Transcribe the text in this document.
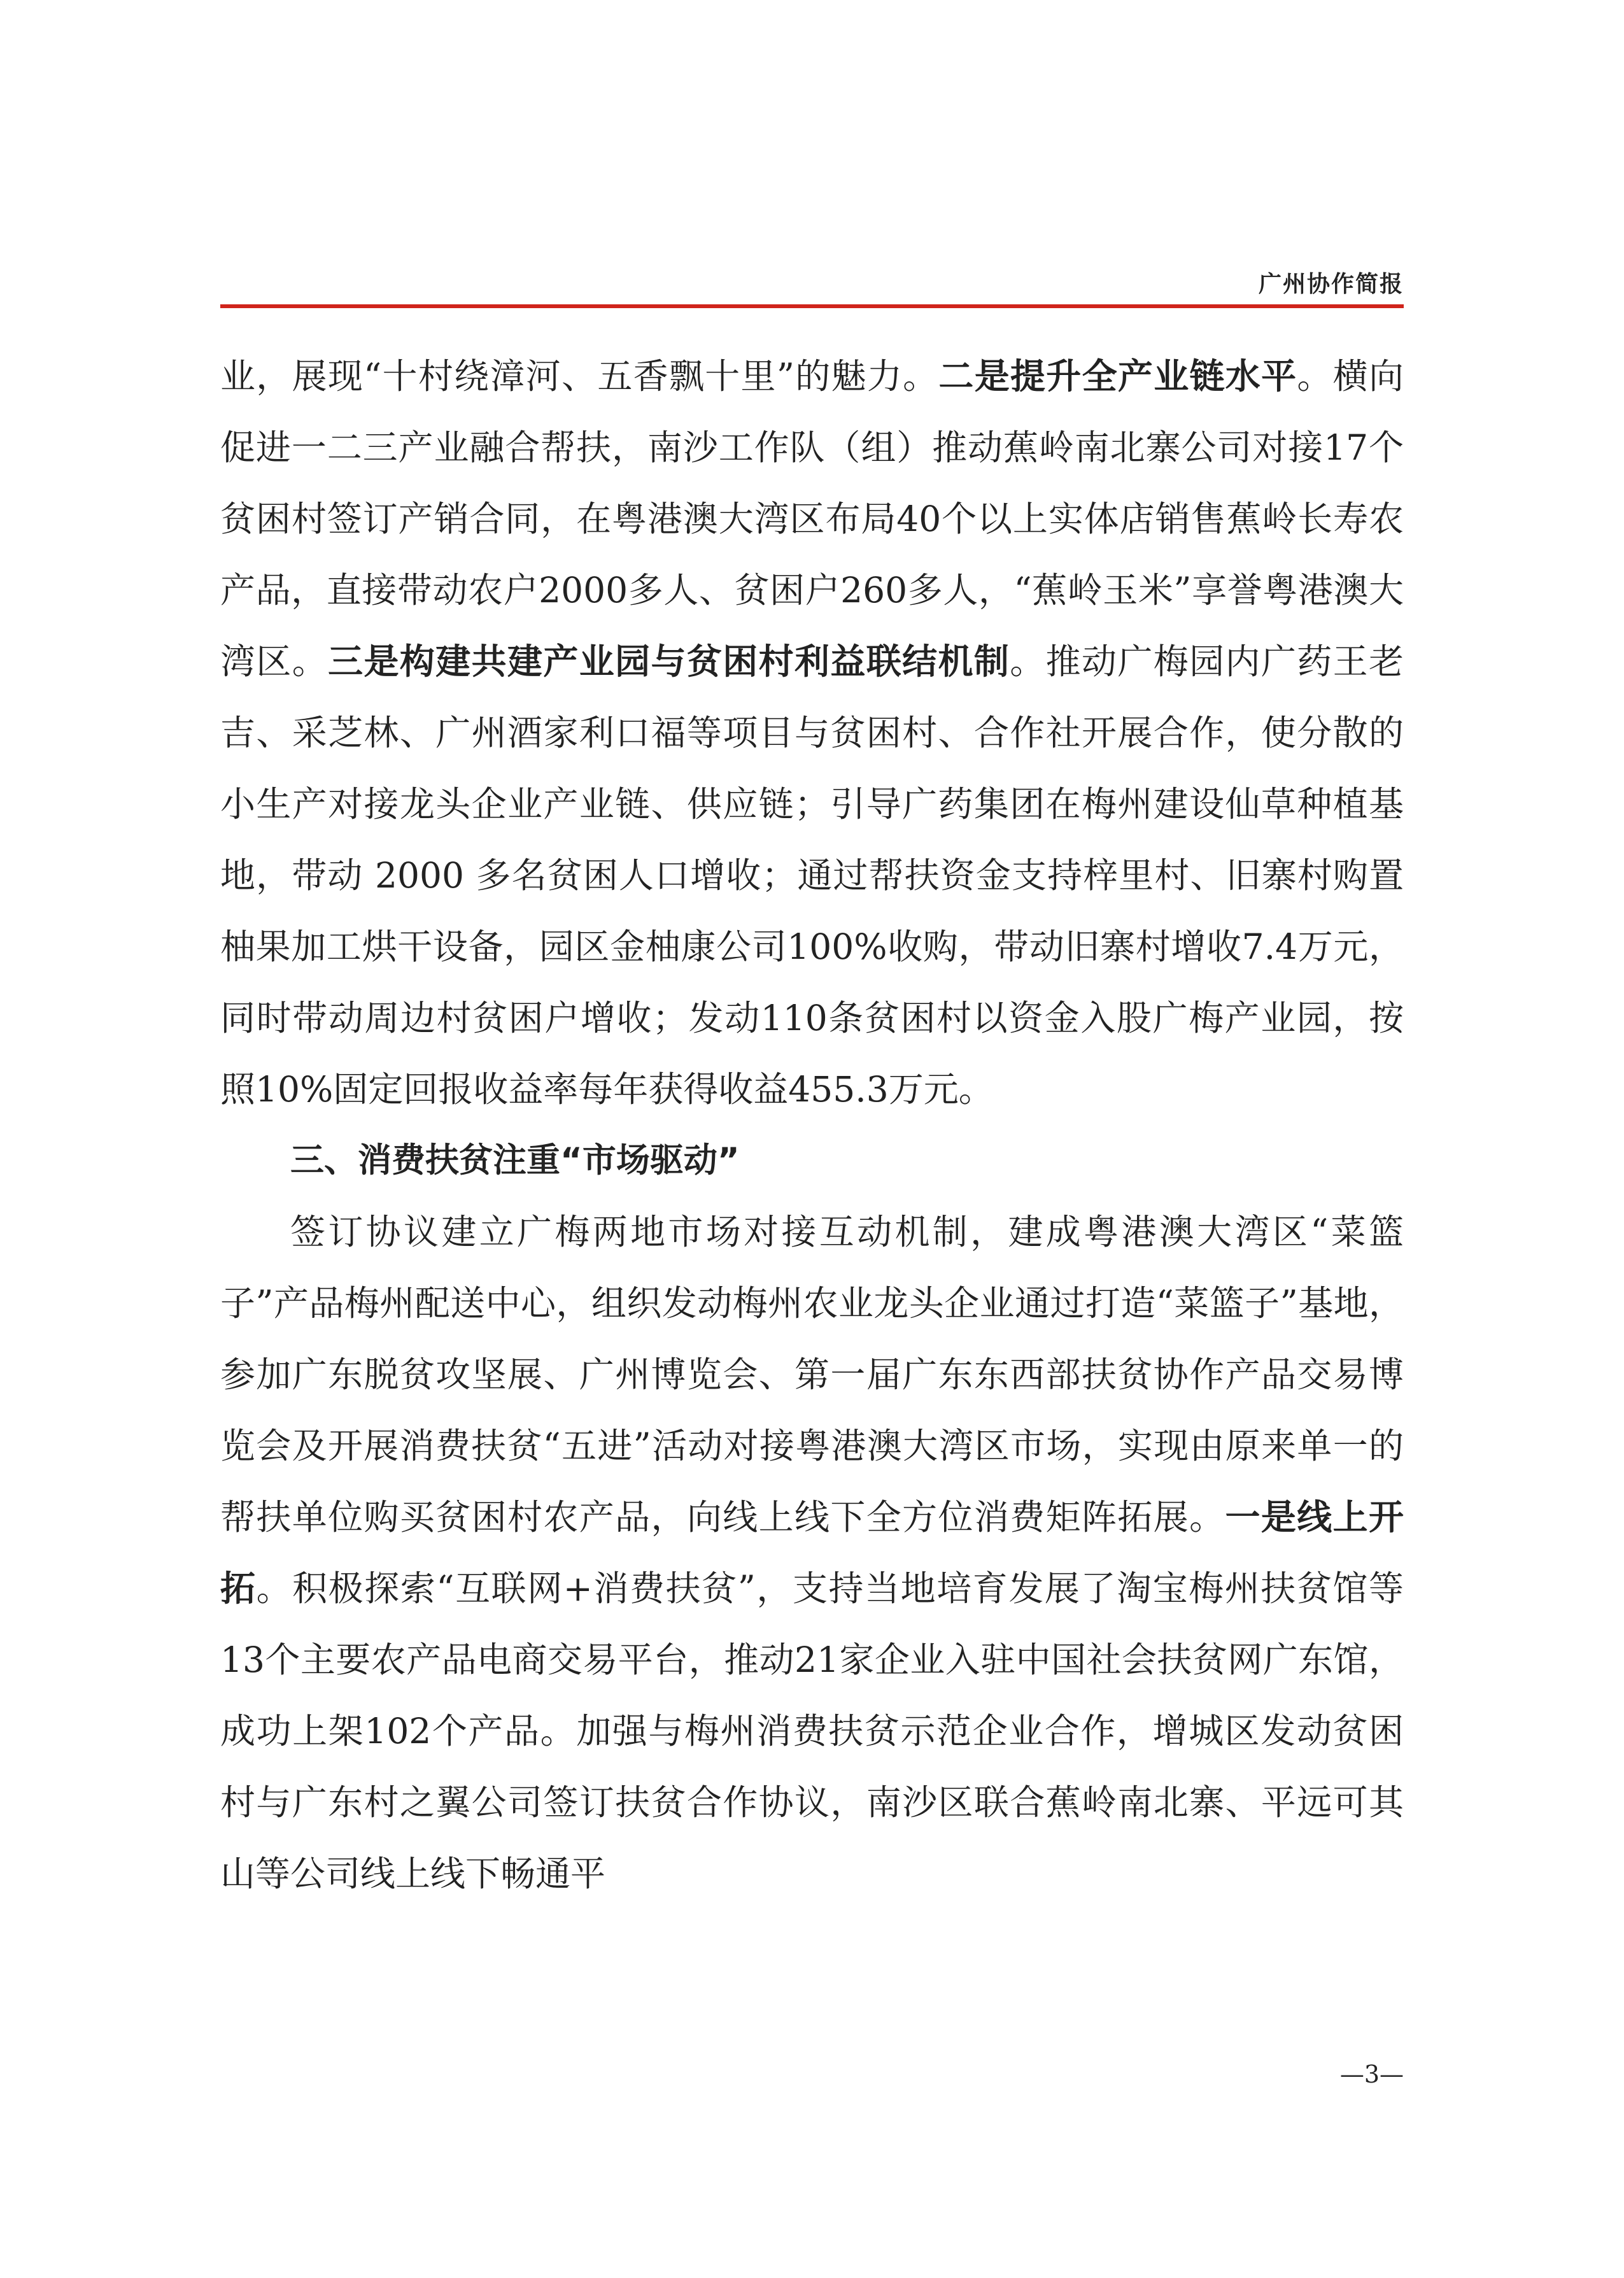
广州协作简报

业，展现“十村绕漳河、五香飘十里”的魅力。二是提升全产业链水平。横向促进一二三产业融合帮扶，南沙工作队（组）推动蕉岭南北寨公司对接17个贫困村签订产销合同，在粤港澳大湾区布局40个以上实体店销售蕉岭长寿农产品，直接带动农户2000多人、贫困户260多人，“蕉岭玉米”享誉粤港澳大湾区。三是构建共建产业园与贫困村利益联结机制。推动广梅园内广药王老吉、采芝林、广州酒家利口福等项目与贫困村、合作社开展合作，使分散的小生产对接龙头企业产业链、供应链；引导广药集团在梅州建设仙草种植基地，带动 2000 多名贫困人口增收；通过帮扶资金支持梓里村、旧寨村购置柚果加工烘干设备，园区金柚康公司100%收购，带动旧寨村增收7.4万元，同时带动周边村贫困户增收；发动110条贫困村以资金入股广梅产业园，按照10%固定回报收益率每年获得收益455.3万元。

三、消费扶贫注重“市场驱动”

签订协议建立广梅两地市场对接互动机制，建成粤港澳大湾区“菜篮子”产品梅州配送中心，组织发动梅州农业龙头企业通过打造“菜篮子”基地，参加广东脱贫攻坚展、广州博览会、第一届广东东西部扶贫协作产品交易博览会及开展消费扶贫“五进”活动对接粤港澳大湾区市场，实现由原来单一的帮扶单位购买贫困村农产品，向线上线下全方位消费矩阵拓展。一是线上开拓。积极探索“互联网+消费扶贫”，支持当地培育发展了淘宝梅州扶贫馆等13个主要农产品电商交易平台，推动21家企业入驻中国社会扶贫网广东馆，成功上架102个产品。加强与梅州消费扶贫示范企业合作，增城区发动贫困村与广东村之翼公司签订扶贫合作协议，南沙区联合蕉岭南北寨、平远可其山等公司线上线下畅通平

—3—
